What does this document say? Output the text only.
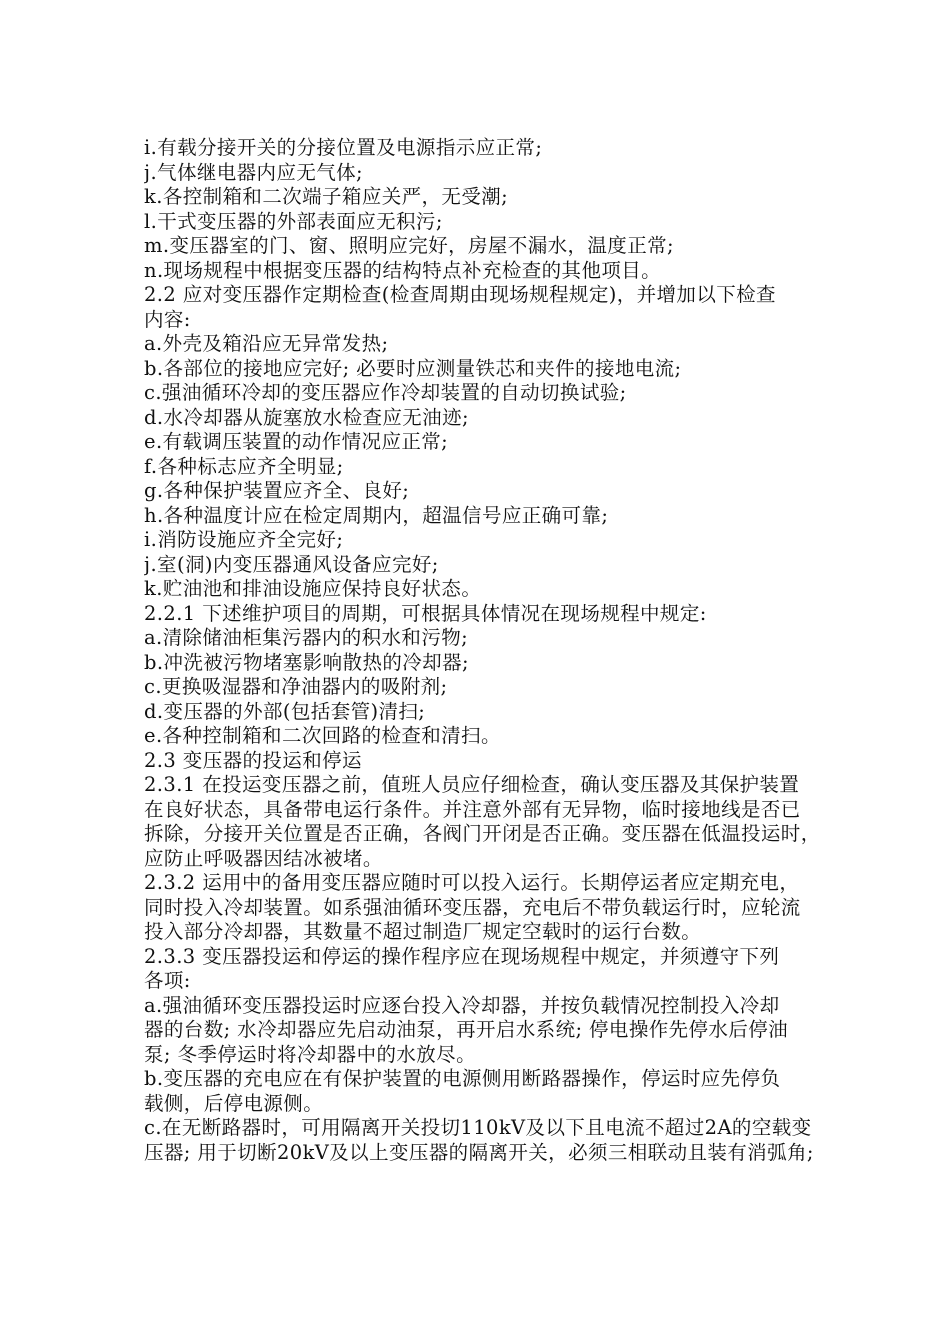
i.有载分接开关的分接位置及电源指示应正常;
j.气体继电器内应无气体;
k.各控制箱和二次端子箱应关严，无受潮;
l.干式变压器的外部表面应无积污;
m.变压器室的门、窗、照明应完好，房屋不漏水，温度正常;
n.现场规程中根据变压器的结构特点补充检查的其他项目。
2.2 应对变压器作定期检查(检查周期由现场规程规定)，并增加以下检查
内容:
a.外壳及箱沿应无异常发热;
b.各部位的接地应完好; 必要时应测量铁芯和夹件的接地电流;
c.强油循环冷却的变压器应作冷却装置的自动切换试验;
d.水冷却器从旋塞放水检查应无油迹;
e.有载调压装置的动作情况应正常;
f.各种标志应齐全明显;
g.各种保护装置应齐全、良好;
h.各种温度计应在检定周期内，超温信号应正确可靠;
i.消防设施应齐全完好;
j.室(洞)内变压器通风设备应完好;
k.贮油池和排油设施应保持良好状态。
2.2.1 下述维护项目的周期，可根据具体情况在现场规程中规定:
a.清除储油柜集污器内的积水和污物;
b.冲洗被污物堵塞影响散热的冷却器;
c.更换吸湿器和净油器内的吸附剂;
d.变压器的外部(包括套管)清扫;
e.各种控制箱和二次回路的检查和清扫。
2.3 变压器的投运和停运
2.3.1 在投运变压器之前，值班人员应仔细检查，确认变压器及其保护装置
在良好状态，具备带电运行条件。并注意外部有无异物，临时接地线是否已
拆除，分接开关位置是否正确，各阀门开闭是否正确。变压器在低温投运时，
应防止呼吸器因结冰被堵。
2.3.2 运用中的备用变压器应随时可以投入运行。长期停运者应定期充电，
同时投入冷却装置。如系强油循环变压器，充电后不带负载运行时，应轮流
投入部分冷却器，其数量不超过制造厂规定空载时的运行台数。
2.3.3 变压器投运和停运的操作程序应在现场规程中规定，并须遵守下列
各项:
a.强油循环变压器投运时应逐台投入冷却器，并按负载情况控制投入冷却
器的台数; 水冷却器应先启动油泵，再开启水系统; 停电操作先停水后停油
泵; 冬季停运时将冷却器中的水放尽。
b.变压器的充电应在有保护装置的电源侧用断路器操作，停运时应先停负
载侧，后停电源侧。
c.在无断路器时，可用隔离开关投切110kV及以下且电流不超过2A的空载变
压器; 用于切断20kV及以上变压器的隔离开关，必须三相联动且装有消弧角;
